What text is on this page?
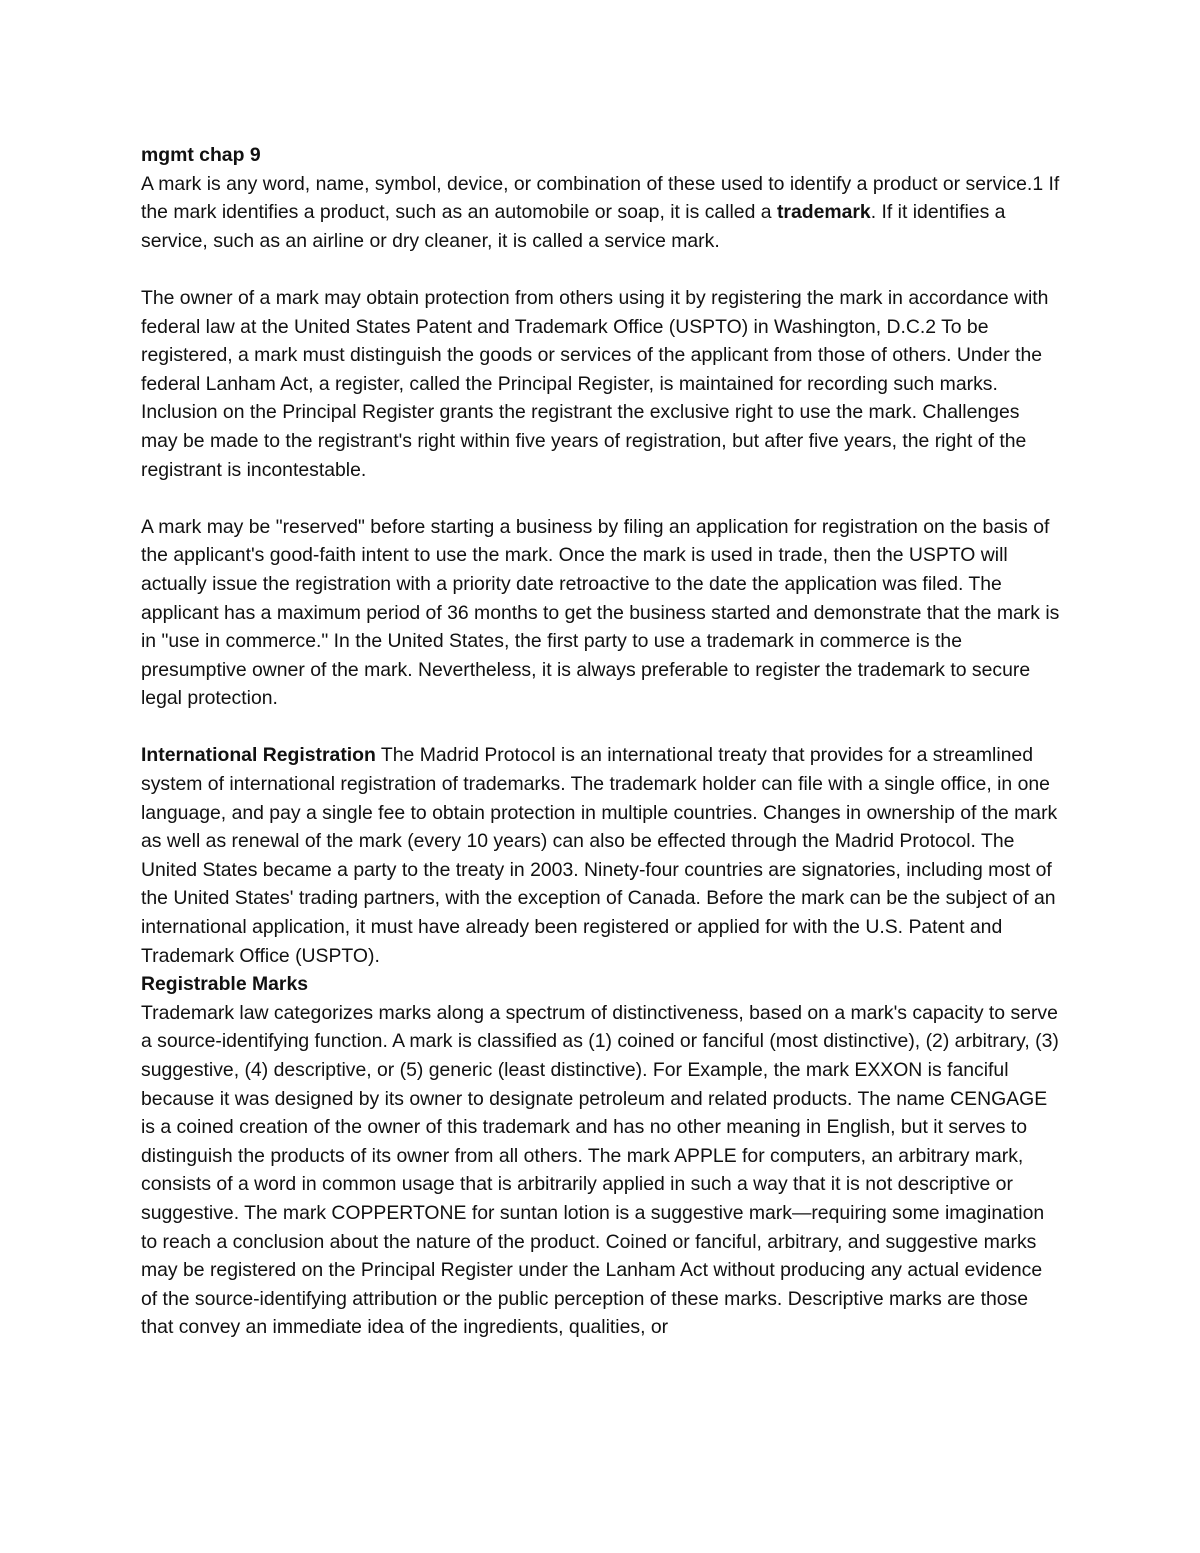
mgmt chap 9

A mark is any word, name, symbol, device, or combination of these used to identify a product or service.1 If the mark identifies a product, such as an automobile or soap, it is called a trademark. If it identifies a service, such as an airline or dry cleaner, it is called a service mark.

The owner of a mark may obtain protection from others using it by registering the mark in accordance with federal law at the United States Patent and Trademark Office (USPTO) in Washington, D.C.2 To be registered, a mark must distinguish the goods or services of the applicant from those of others. Under the federal Lanham Act, a register, called the Principal Register, is maintained for recording such marks. Inclusion on the Principal Register grants the registrant the exclusive right to use the mark. Challenges may be made to the registrant's right within five years of registration, but after five years, the right of the registrant is incontestable.

A mark may be "reserved" before starting a business by filing an application for registration on the basis of the applicant's good-faith intent to use the mark. Once the mark is used in trade, then the USPTO will actually issue the registration with a priority date retroactive to the date the application was filed. The applicant has a maximum period of 36 months to get the business started and demonstrate that the mark is in "use in commerce." In the United States, the first party to use a trademark in commerce is the presumptive owner of the mark. Nevertheless, it is always preferable to register the trademark to secure legal protection.

International Registration The Madrid Protocol is an international treaty that provides for a streamlined system of international registration of trademarks. The trademark holder can file with a single office, in one language, and pay a single fee to obtain protection in multiple countries. Changes in ownership of the mark as well as renewal of the mark (every 10 years) can also be effected through the Madrid Protocol. The United States became a party to the treaty in 2003. Ninety-four countries are signatories, including most of the United States' trading partners, with the exception of Canada. Before the mark can be the subject of an international application, it must have already been registered or applied for with the U.S. Patent and Trademark Office (USPTO).

Registrable Marks

Trademark law categorizes marks along a spectrum of distinctiveness, based on a mark's capacity to serve a source-identifying function. A mark is classified as (1) coined or fanciful (most distinctive), (2) arbitrary, (3) suggestive, (4) descriptive, or (5) generic (least distinctive). For Example, the mark EXXON is fanciful because it was designed by its owner to designate petroleum and related products. The name CENGAGE is a coined creation of the owner of this trademark and has no other meaning in English, but it serves to distinguish the products of its owner from all others. The mark APPLE for computers, an arbitrary mark, consists of a word in common usage that is arbitrarily applied in such a way that it is not descriptive or suggestive. The mark COPPERTONE for suntan lotion is a suggestive mark—requiring some imagination to reach a conclusion about the nature of the product. Coined or fanciful, arbitrary, and suggestive marks may be registered on the Principal Register under the Lanham Act without producing any actual evidence of the source-identifying attribution or the public perception of these marks. Descriptive marks are those that convey an immediate idea of the ingredients, qualities, or
